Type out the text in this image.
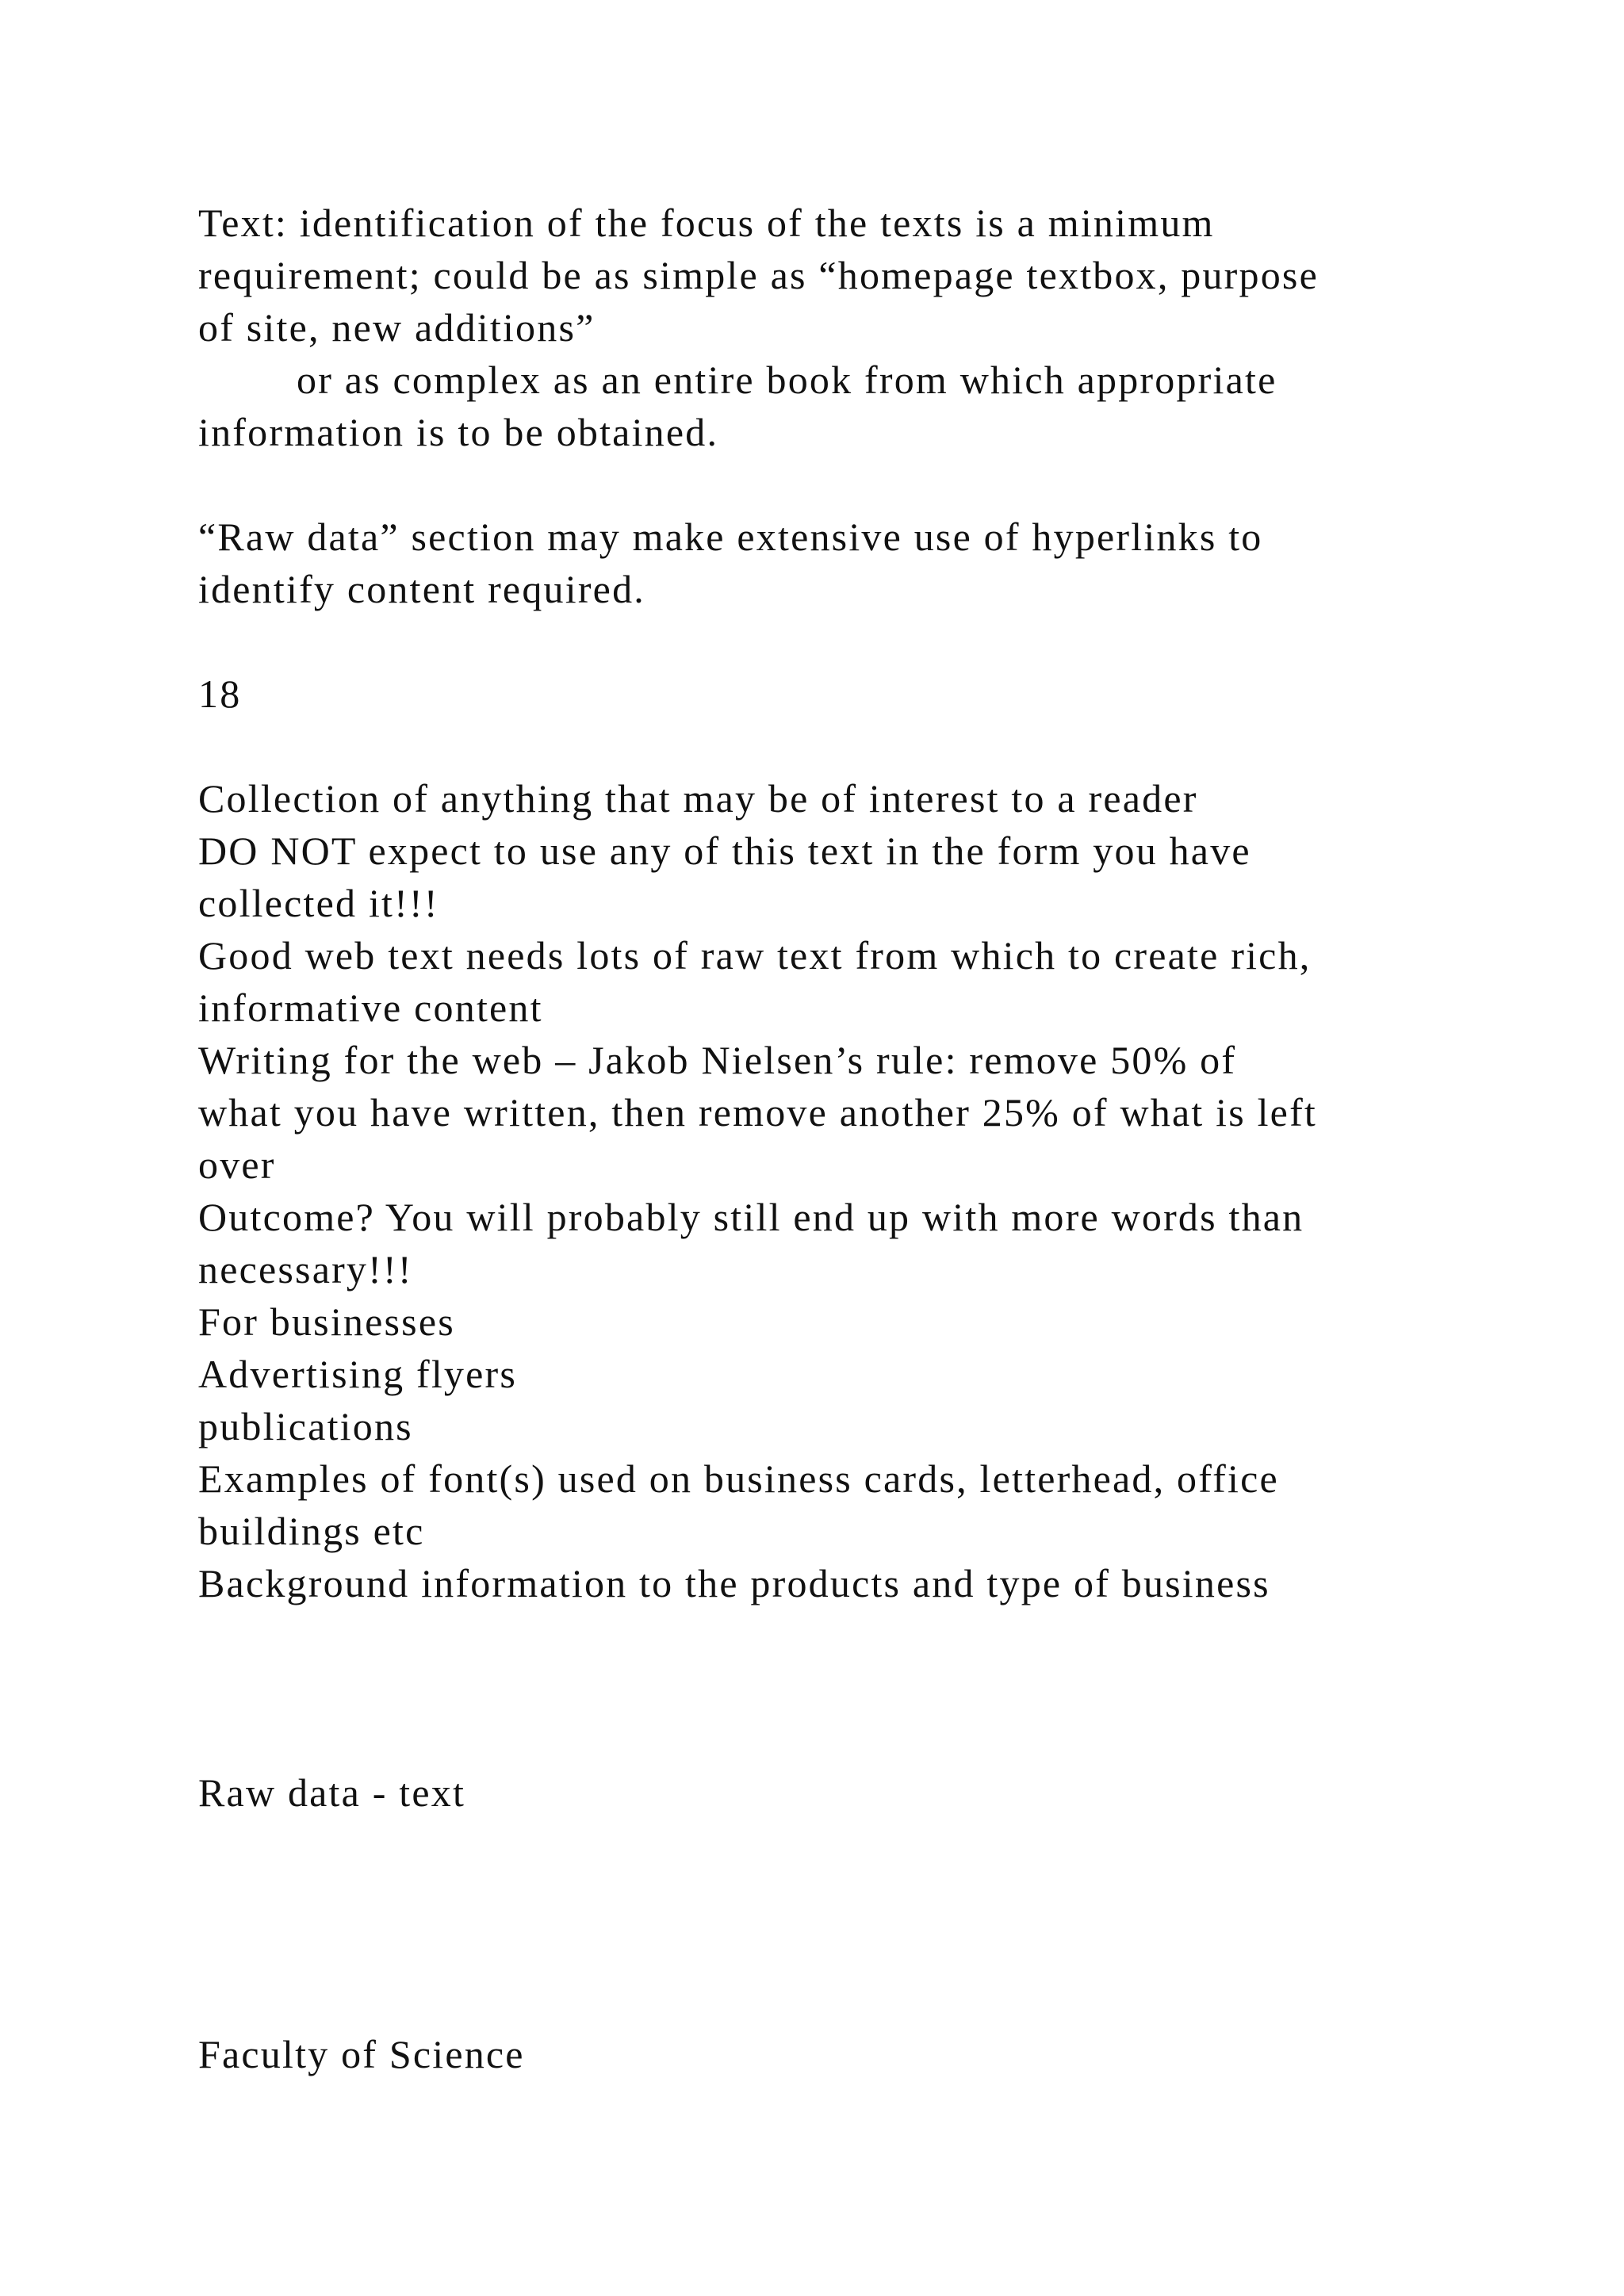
Text: identification of the focus of the texts is a minimum
requirement; could be as simple as “homepage textbox, purpose
of site, new additions”
or as complex as an entire book from which appropriate
information is to be obtained.
“Raw data” section may make extensive use of hyperlinks to
identify content required.
18
Collection of anything that may be of interest to a reader
DO NOT expect to use any of this text in the form you have
collected it!!!
Good web text needs lots of raw text from which to create rich,
informative content
Writing for the web – Jakob Nielsen’s rule: remove 50% of
what you have written, then remove another 25% of what is left
over
Outcome? You will probably still end up with more words than
necessary!!!
For businesses
Advertising flyers
publications
Examples of font(s) used on business cards, letterhead, office
buildings etc
Background information to the products and type of business
Raw data - text
Faculty of Science
